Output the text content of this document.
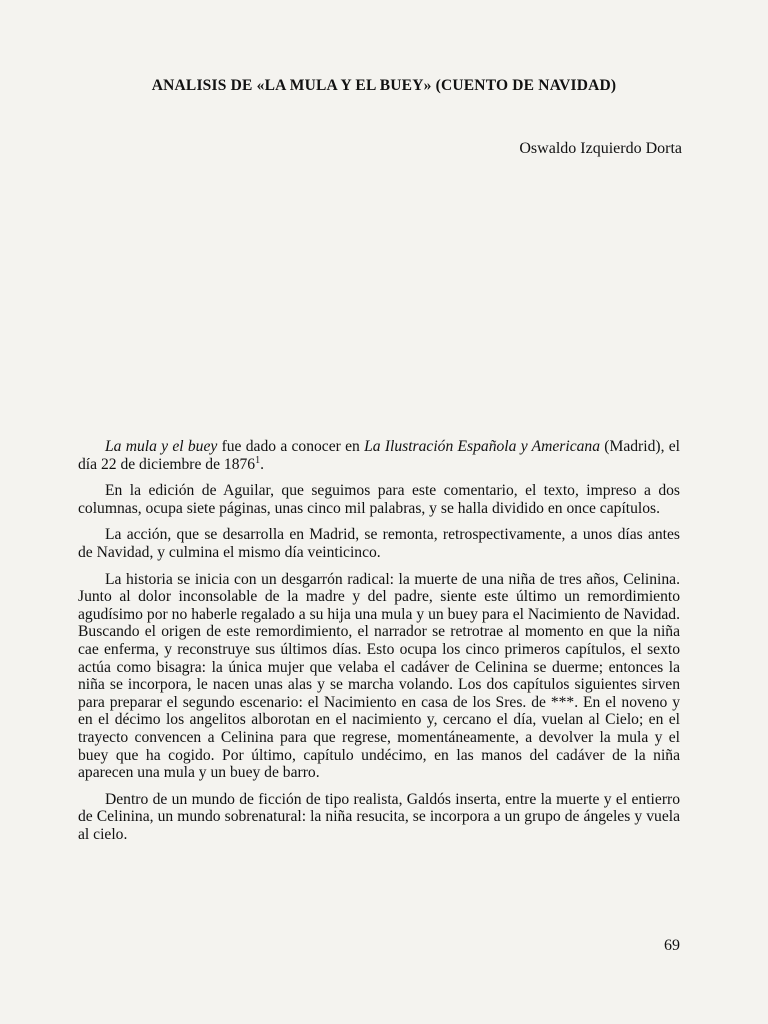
ANALISIS DE «LA MULA Y EL BUEY» (CUENTO DE NAVIDAD)
Oswaldo Izquierdo Dorta

La mula y el buey fue dado a conocer en La Ilustración Española y Americana (Madrid), el día 22 de diciembre de 1876$^1$.

En la edición de Aguilar, que seguimos para este comentario, el texto, impreso a dos columnas, ocupa siete páginas, unas cinco mil palabras, y se halla dividido en once capítulos.

La acción, que se desarrolla en Madrid, se remonta, retrospectivamente, a unos días antes de Navidad, y culmina el mismo día veinticinco.

La historia se inicia con un desgarrón radical: la muerte de una niña de tres años, Celinina. Junto al dolor inconsolable de la madre y del padre, siente este último un remordimiento agudísimo por no haberle regalado a su hija una mula y un buey para el Nacimiento de Navidad. Buscando el origen de este remordimiento, el narrador se retrotrae al momento en que la niña cae enferma, y reconstruye sus últimos días. Esto ocupa los cinco primeros capítulos, el sexto actúa como bisagra: la única mujer que velaba el cadáver de Celinina se duerme; entonces la niña se incorpora, le nacen unas alas y se marcha volando. Los dos capítulos siguientes sirven para preparar el segundo escenario: el Nacimiento en casa de los Sres. de ***. En el noveno y en el décimo los angelitos alborotan en el nacimiento y, cercano el día, vuelan al Cielo; en el trayecto convencen a Celinina para que regrese, momentáneamente, a devolver la mula y el buey que ha cogido. Por último, capítulo undécimo, en las manos del cadáver de la niña aparecen una mula y un buey de barro.

Dentro de un mundo de ficción de tipo realista, Galdós inserta, entre la muerte y el entierro de Celinina, un mundo sobrenatural: la niña resucita, se incorpora a un grupo de ángeles y vuela al cielo.

69
